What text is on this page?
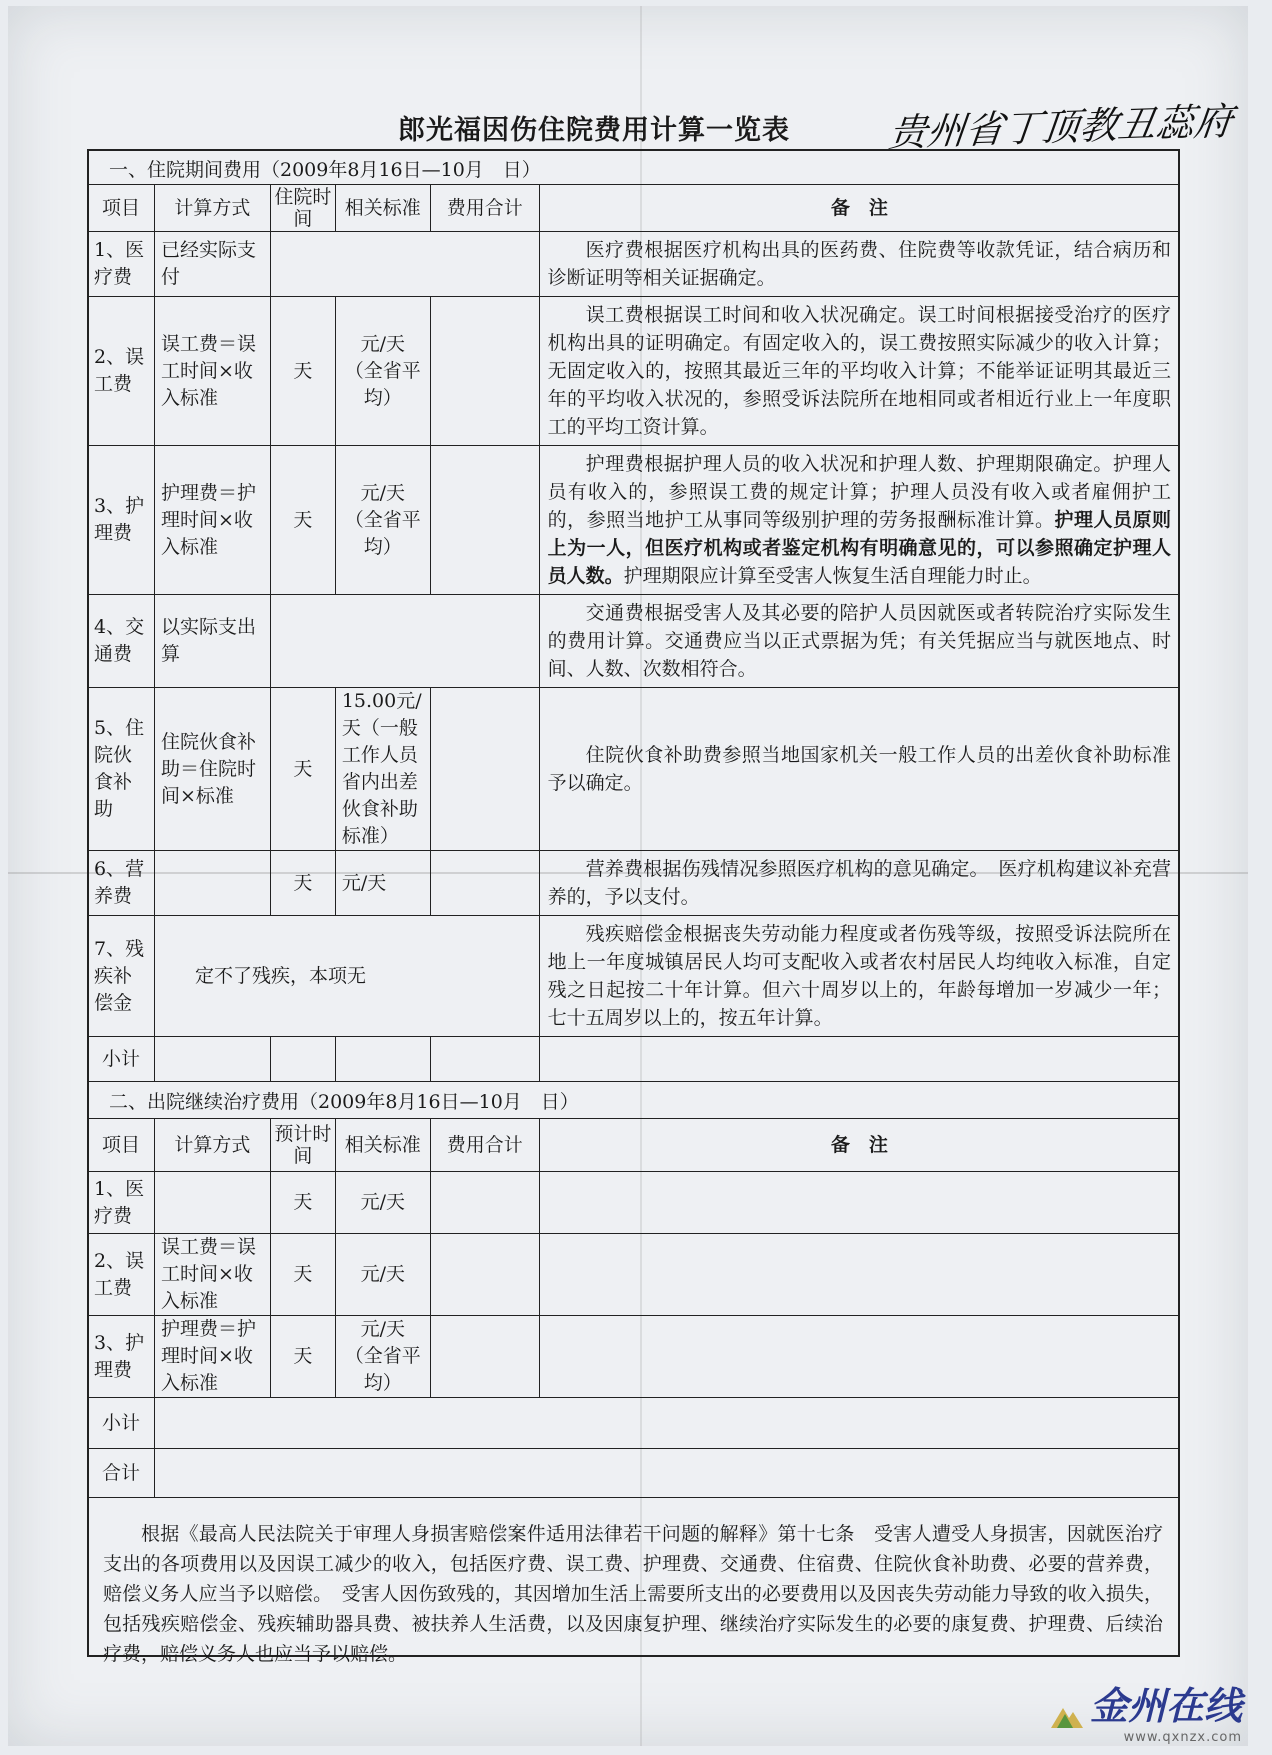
郎光福因伤住院费用计算一览表	贵州省丁顶教丑蕊府
一、住院期间费用（2009年8月16日—10月　日）
项目	计算方式	住院时间	相关标准	费用合计	备　注
1、医疗费	已经实际支付				医疗费根据医疗机构出具的医药费、住院费等收款凭证，结合病历和诊断证明等相关证据确定。
2、误工费	误工费＝误工时间×收入标准	天	元/天（全省平均）		误工费根据误工时间和收入状况确定。误工时间根据接受治疗的医疗机构出具的证明确定。有固定收入的，误工费按照实际减少的收入计算；无固定收入的，按照其最近三年的平均收入计算；不能举证证明其最近三年的平均收入状况的，参照受诉法院所在地相同或者相近行业上一年度职工的平均工资计算。
3、护理费	护理费＝护理时间×收入标准	天	元/天（全省平均）		护理费根据护理人员的收入状况和护理人数、护理期限确定。护理人员有收入的，参照误工费的规定计算；护理人员没有收入或者雇佣护工的，参照当地护工从事同等级别护理的劳务报酬标准计算。护理人员原则上为一人，但医疗机构或者鉴定机构有明确意见的，可以参照确定护理人员人数。护理期限应计算至受害人恢复生活自理能力时止。
4、交通费	以实际支出算				交通费根据受害人及其必要的陪护人员因就医或者转院治疗实际发生的费用计算。交通费应当以正式票据为凭；有关凭据应当与就医地点、时间、人数、次数相符合。
5、住院伙食补助	住院伙食补助＝住院时间×标准	天	15.00元/天（一般工作人员省内出差伙食补助标准）		住院伙食补助费参照当地国家机关一般工作人员的出差伙食补助标准予以确定。
6、营养费		天	元/天		营养费根据伤残情况参照医疗机构的意见确定。　医疗机构建议补充营养的，予以支付。
7、残疾补偿金	定不了残疾，本项无				残疾赔偿金根据丧失劳动能力程度或者伤残等级，按照受诉法院所在地上一年度城镇居民人均可支配收入或者农村居民人均纯收入标准，自定残之日起按二十年计算。但六十周岁以上的，年龄每增加一岁减少一年；七十五周岁以上的，按五年计算。
小计					
二、出院继续治疗费用（2009年8月16日—10月　日）
项目	计算方式	预计时间	相关标准	费用合计	备　注
1、医疗费		天	元/天		
2、误工费	误工费＝误工时间×收入标准	天	元/天		
3、护理费	护理费＝护理时间×收入标准	天	元/天（全省平均）		
小计					
合计					
根据《最高人民法院关于审理人身损害赔偿案件适用法律若干问题的解释》第十七条　受害人遭受人身损害，因就医治疗支出的各项费用以及因误工减少的收入，包括医疗费、误工费、护理费、交通费、住宿费、住院伙食补助费、必要的营养费，赔偿义务人应当予以赔偿。　受害人因伤致残的，其因增加生活上需要所支出的必要费用以及因丧失劳动能力导致的收入损失，包括残疾赔偿金、残疾辅助器具费、被扶养人生活费，以及因康复护理、继续治疗实际发生的必要的康复费、护理费、后续治疗费，赔偿义务人也应当予以赔偿。
金州在线
www.qxnzx.com
